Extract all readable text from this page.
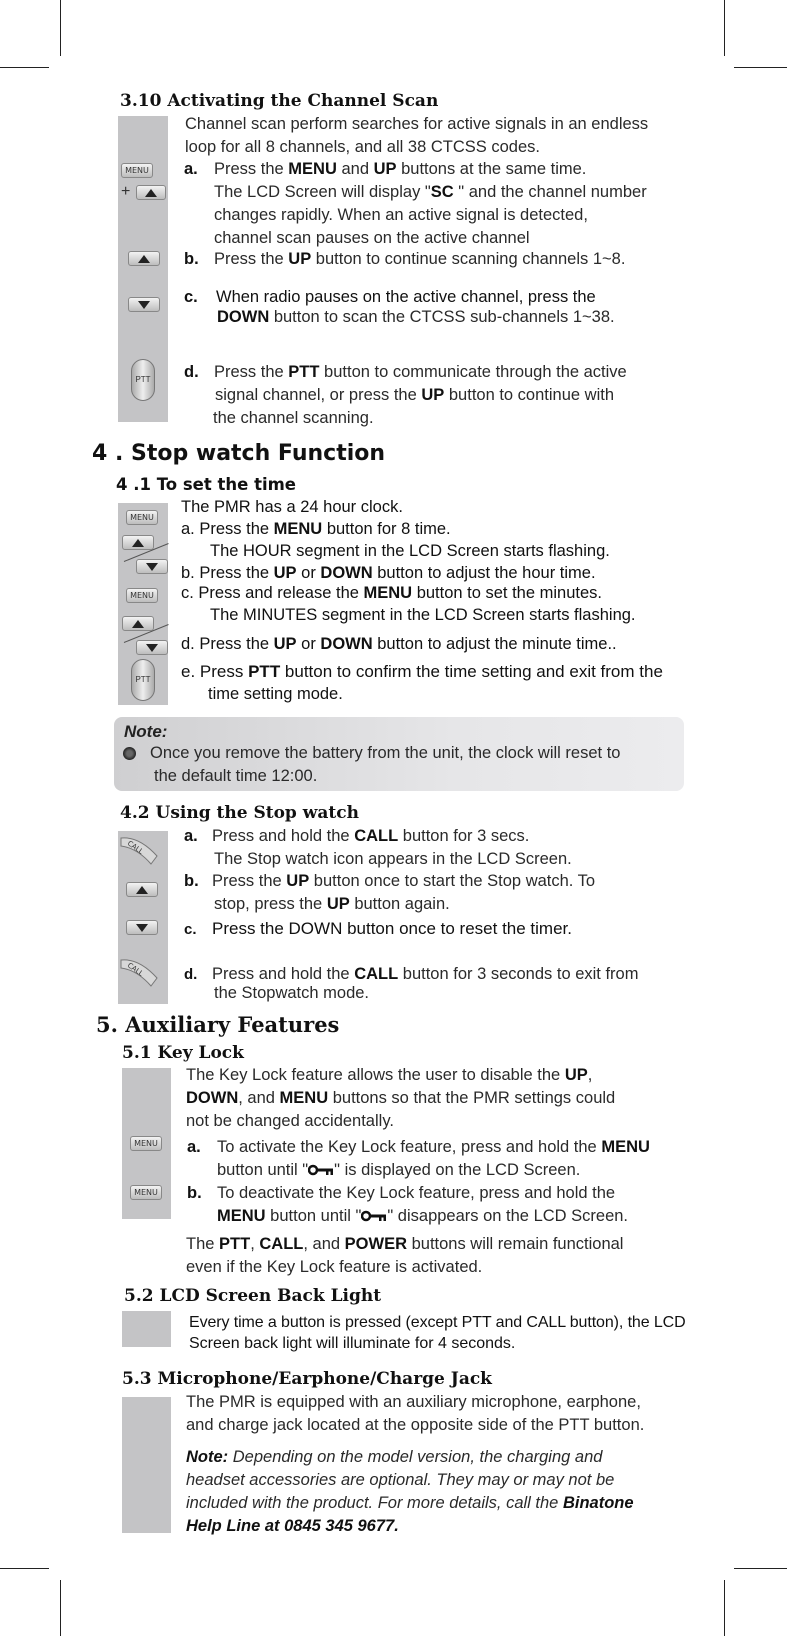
3.10 Activating the Channel Scan
MENU
+
PTT
Channel scan perform searches for active signals in an endless
loop for all 8 channels, and all 38 CTCSS codes.
a. Press the MENU and UP buttons at the same time.
The LCD Screen will display "SC " and the channel number
changes rapidly. When an active signal is detected,
channel scan pauses on the active channel
b. Press the UP button to continue scanning channels 1~8.
c. When radio pauses on the active channel, press the
DOWN button to scan the CTCSS sub-channels 1~38.
d. Press the PTT button to communicate through the active
signal channel, or press the UP button to continue with
the channel scanning.
4 . Stop watch Function
4 .1 To set the time
MENU
MENU
PTT
The PMR has a 24 hour clock.
a. Press the MENU button for 8 time.
The HOUR segment in the LCD Screen starts flashing.
b. Press the UP or DOWN button to adjust the hour time.
c. Press and release the MENU button to set the minutes.
The MINUTES segment in the LCD Screen starts flashing.
d. Press the UP or DOWN button to adjust the minute time..
e. Press PTT button to confirm the time setting and exit from the
time setting mode.
Note:
Once you remove the battery from the unit, the clock will reset to
the default time 12:00.
4.2 Using the Stop watch
CALL
CALL
a. Press and hold the CALL button for 3 secs.
The Stop watch icon appears in the LCD Screen.
b. Press the UP button once to start the Stop watch. To
stop, press the UP button again.
c. Press the DOWN button once to reset the timer.
d. Press and hold the CALL button for 3 seconds to exit from
the Stopwatch mode.
5. Auxiliary Features
5.1 Key Lock
MENU
MENU
The Key Lock feature allows the user to disable the UP,
DOWN, and MENU buttons so that the PMR settings could
not be changed accidentally.
a. To activate the Key Lock feature, press and hold the MENU
button until " " is displayed on the LCD Screen.
b. To deactivate the Key Lock feature, press and hold the
MENU button until " " disappears on the LCD Screen.
The PTT, CALL, and POWER buttons will remain functional
even if the Key Lock feature is activated.
5.2 LCD Screen Back Light
Every time a button is pressed (except PTT and CALL button), the LCD
Screen back light will illuminate for 4 seconds.
5.3 Microphone/Earphone/Charge Jack
The PMR is equipped with an auxiliary microphone, earphone,
and charge jack located at the opposite side of the PTT button.
Note: Depending on the model version, the charging and
headset accessories are optional. They may or may not be
included with the product. For more details, call the Binatone
Help Line at 0845 345 9677.
